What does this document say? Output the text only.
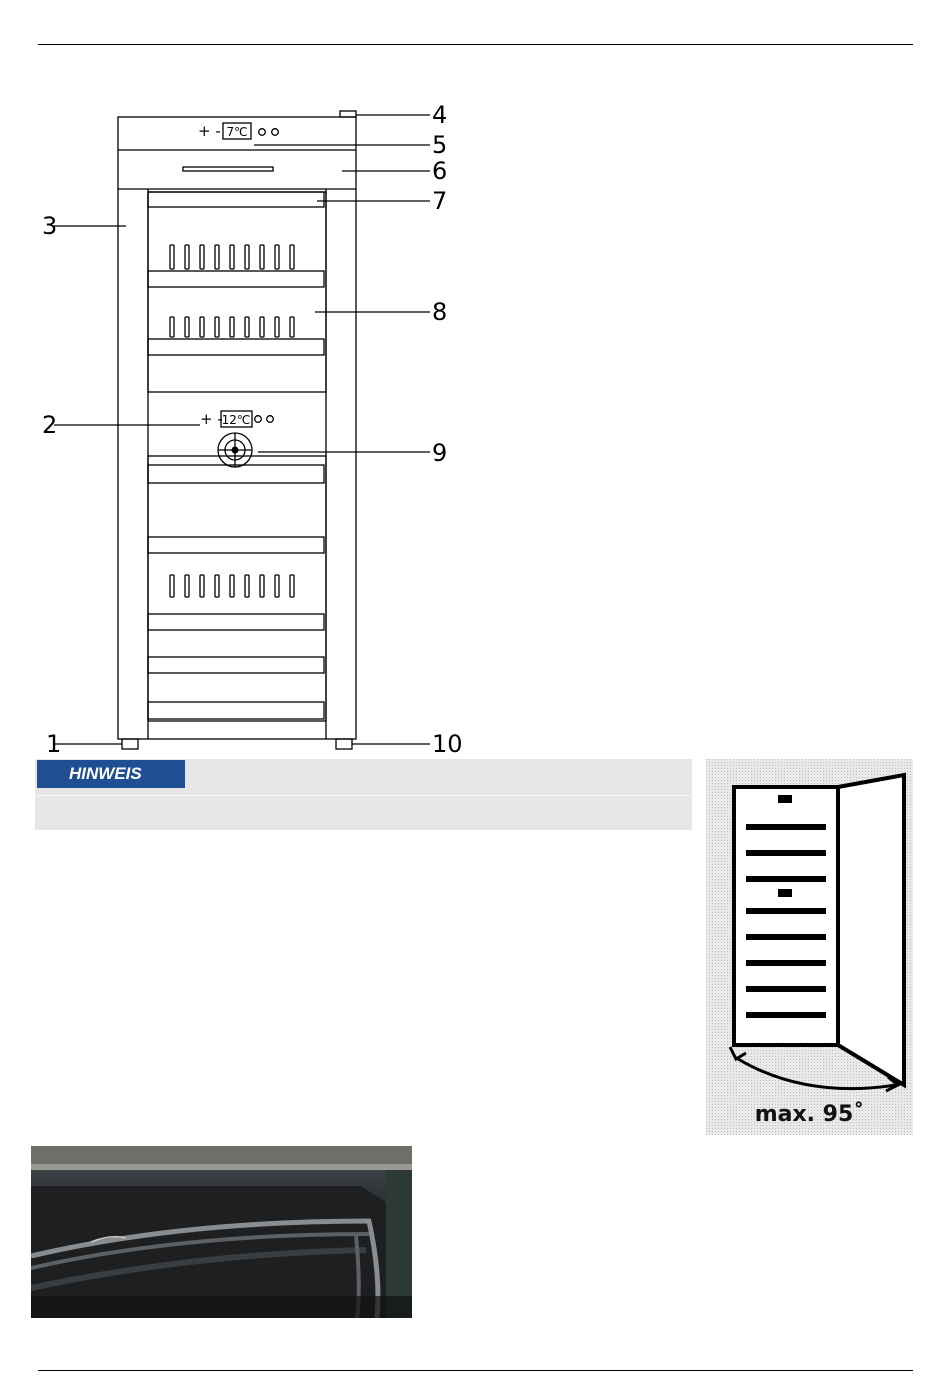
+ - 7℃
+ -
12℃
1
2
3
4
5
6
7
8
9
10
HINWEIS
max. 95˚
